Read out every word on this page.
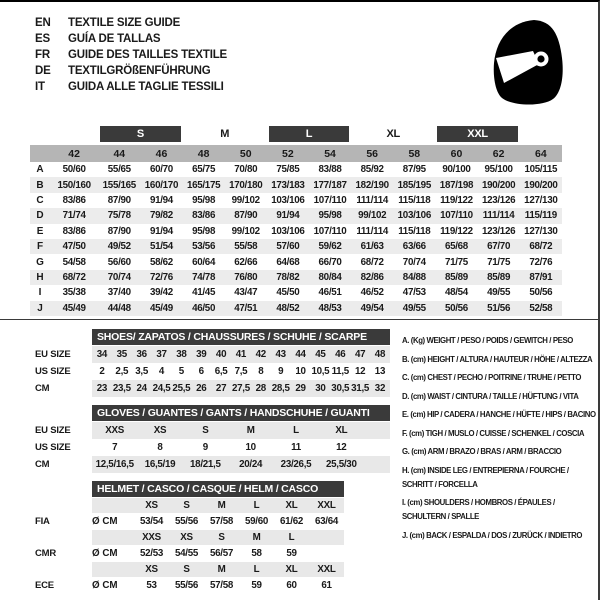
EN	TEXTILE SIZE GUIDE
ES	GUÍA DE TALLAS
FR	GUIDE DES TAILLES TEXTILE
DE	TEXTILGRÖßENFÜHRUNG
IT	GUIDA ALLE TAGLIE TESSILI

		S		M		L		XL		XXL		

	42	44	46	48	50	52	54	56	58	60	62	64
A	50/60	55/65	60/70	65/75	70/80	75/85	83/88	85/92	87/95	90/100	95/100	105/115
B	150/160	155/165	160/170	165/175	170/180	173/183	177/187	182/190	185/195	187/198	190/200	190/200
C	83/86	87/90	91/94	95/98	99/102	103/106	107/110	111/114	115/118	119/122	123/126	127/130
D	71/74	75/78	79/82	83/86	87/90	91/94	95/98	99/102	103/106	107/110	111/114	115/119
E	83/86	87/90	91/94	95/98	99/102	103/106	107/110	111/114	115/118	119/122	123/126	127/130
F	47/50	49/52	51/54	53/56	55/58	57/60	59/62	61/63	63/66	65/68	67/70	68/72
G	54/58	56/60	58/62	60/64	62/66	64/68	66/70	68/72	70/74	71/75	71/75	72/76
H	68/72	70/74	72/76	74/78	76/80	78/82	80/84	82/86	84/88	85/89	85/89	87/91
I	35/38	37/40	39/42	41/45	43/47	45/50	46/51	46/52	47/53	48/54	49/55	50/56
J	45/49	44/48	45/49	46/50	47/51	48/52	48/53	49/54	49/55	50/56	51/56	52/58
SHOES/ ZAPATOS / CHAUSSURES / SCHUHE / SCARPE
EU SIZE	34 35 36 37 38 39 40 41 42 43 44 45 46 47 48
US SIZE	2	2,5 3,5	4	5	6	6,5 7,5	8	9	10 10,5 11,5 12 13
CM	23 23,5 24 24,5 25,5 26 27 27,5 28 28,5 29 30 30,5 31,5 32
GLOVES / GUANTES / GANTS / HANDSCHUHE / GUANTI
EU SIZE	XXS	XS	S	M	L	XL
US SIZE	7	8	9	10	11	12
CM	12,5/16,5	16,5/19	18/21,5	20/24	23/26,5	25,5/30
HELMET / CASCO / CASQUE / HELM / CASCO
XS	S	M	L	XL	XXL
FIA	Ø CM	53/54	55/56	57/58	59/60	61/62	63/64
XXS	XS	S	M	L
CMR	Ø CM	52/53	54/55	56/57	58	59
XS	S	M	L	XL	XXL
ECE	Ø CM	53	55/56	57/58	59	60	61
A. (Kg) WEIGHT / PESO / POIDS / GEWITCH / PESO
B. (cm) HEIGHT / ALTURA / HAUTEUR / HÖHE / ALTEZZA
C. (cm) CHEST / PECHO / POITRINE / TRUHE / PETTO
D. (cm) WAIST / CINTURA / TAILLE / HÜFTUNG / VITA
E. (cm) HIP / CADERA / HANCHE / HÜFTE / HIPS / BACINO
F. (cm) TIGH / MUSLO / CUISSE / SCHENKEL / COSCIA
G. (cm) ARM / BRAZO / BRAS / ARM / BRACCIO
H. (cm) INSIDE LEG / ENTREPIERNA / FOURCHE / SCHRITT / FORCELLA
I. (cm) SHOULDERS / HOMBROS / ÉPAULES / SCHULTERN / SPALLE
J. (cm) BACK / ESPALDA / DOS / ZURÜCK / INDIETRO
